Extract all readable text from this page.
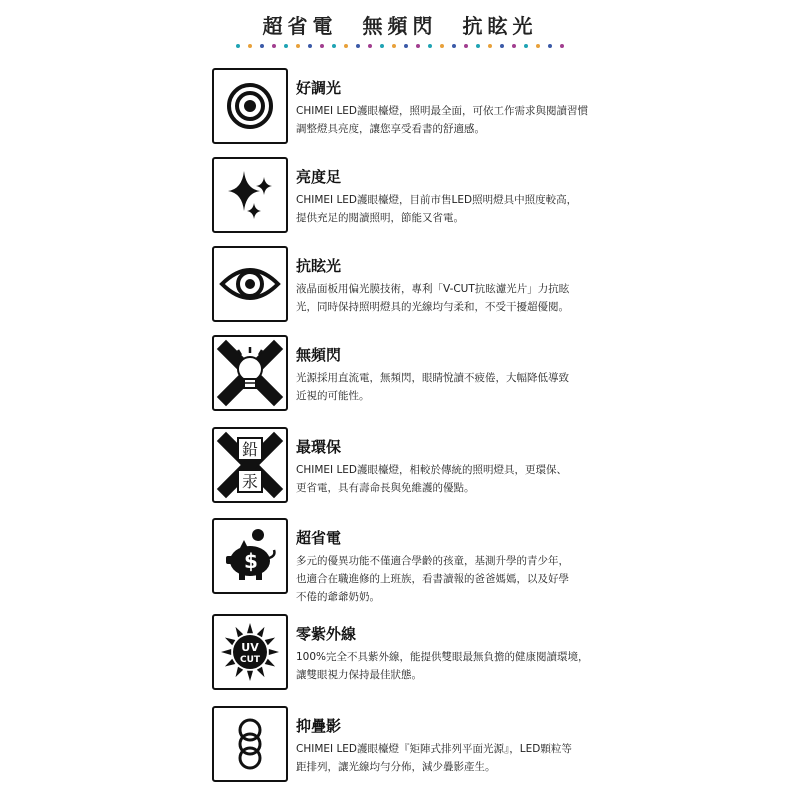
超省電　無頻閃　抗眩光
好調光
CHIMEI LED護眼檯燈，照明最全面，可依工作需求與閱讀習慣
調整燈具亮度，讓您享受看書的舒適感。
亮度足
CHIMEI LED護眼檯燈，目前市售LED照明燈具中照度較高，
提供充足的閱讀照明，節能又省電。
抗眩光
液晶面板用偏光膜技術，專利「V-CUT抗眩濾光片」力抗眩
光，同時保持照明燈具的光線均勻柔和，不受干擾超優閱。
無頻閃
光源採用直流電，無頻閃，眼睛悅讀不疲倦，大幅降低導致
近視的可能性。
鉛
汞
最環保
CHIMEI LED護眼檯燈，相較於傳統的照明燈具，更環保、
更省電，具有壽命長與免維護的優點。
$
超省電
多元的優異功能不僅適合學齡的孩童，基測升學的青少年，
也適合在職進修的上班族，看書讀報的爸爸媽媽，以及好學
不倦的爺爺奶奶。
UV
CUT
零紫外線
100%完全不具紫外線，能提供雙眼最無負擔的健康閱讀環境，
讓雙眼視力保持最佳狀態。
抑疊影
CHIMEI LED護眼檯燈『矩陣式排列平面光源』，LED顆粒等
距排列，讓光線均勻分佈，減少疊影產生。
